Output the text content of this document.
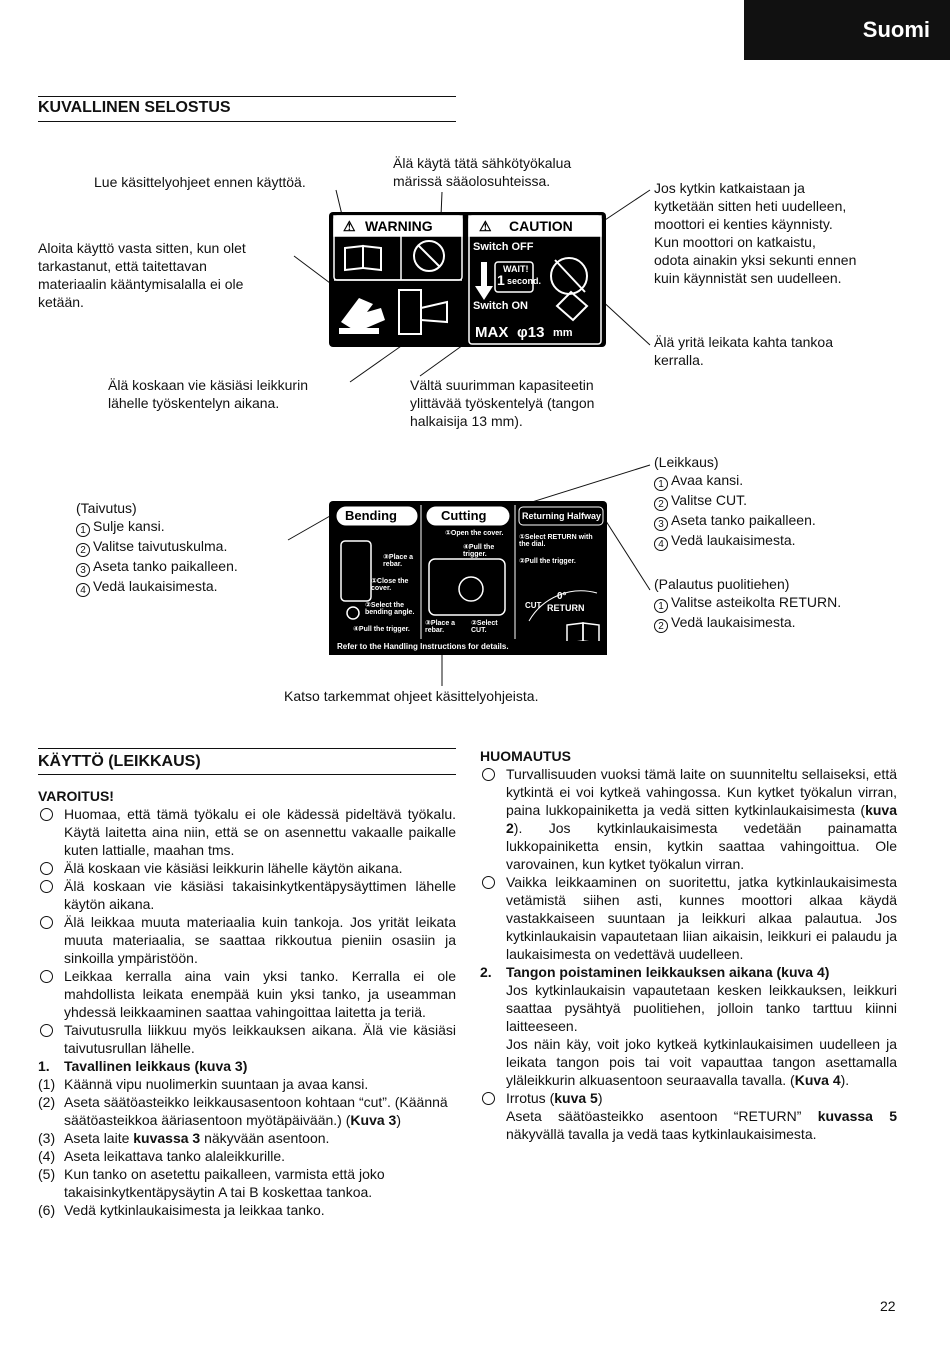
Suomi
KUVALLINEN SELOSTUS
Lue käsittelyohjeet ennen käyttöä.
Älä käytä tätä sähkötyökalua
märissä sääolosuhteissa.
Aloita käyttö vasta sitten, kun olet
tarkastanut, että taitettavan
materiaalin kääntymisalalla ei ole
ketään.
Jos kytkin katkaistaan ja
kytketään sitten heti uudelleen,
moottori ei kenties käynnisty.
Kun moottori on katkaistu,
odota ainakin yksi sekunti ennen
kuin käynnistät sen uudelleen.
Älä yritä leikata kahta tankoa
kerralla.
Älä koskaan vie käsiäsi leikkurin
lähelle työskentelyn aikana.
Vältä suurimman kapasiteetin
ylittävää työskentelyä (tangon
halkaisija 13 mm).
⚠	⚠
WARNING	CAUTION
Switch OFF
WAIT!
1 second.
Switch ON
MAX φ13 mm
(Taivutus)
1 Sulje kansi.
2 Valitse taivutuskulma.
3 Aseta tanko paikalleen.
4 Vedä laukaisimesta.
(Leikkaus)
1 Avaa kansi.
2 Valitse CUT.
3 Aseta tanko paikalleen.
4 Vedä laukaisimesta.
(Palautus puolitiehen)
1 Valitse asteikolta RETURN.
2 Vedä laukaisimesta.
Bending	Cutting	Returning Halfway
③Place a rebar.
①Close the cover.
②Select the bending angle.
④Pull the trigger.
①Open the cover.
④Pull the trigger.
③Place a rebar.
②Select CUT.
①Select RETURN with the dial.
②Pull the trigger.
0°
RETURN
CUT
Refer to the Handling Instructions for details.
Katso tarkemmat ohjeet käsittelyohjeista.
KÄYTTÖ (LEIKKAUS)
VAROITUS!
Huomaa, että tämä työkalu ei ole kädessä pideltävä työkalu. Käytä laitetta aina niin, että se on asennettu vakaalle paikalle kuten lattialle, maahan tms.
Älä koskaan vie käsiäsi leikkurin lähelle käytön aikana.
Älä koskaan vie käsiäsi takaisinkytkentäpysäyttimen lähelle käytön aikana.
Älä leikkaa muuta materiaalia kuin tankoja. Jos yrität leikata muuta materiaalia, se saattaa rikkoutua pieniin osasiin ja sinkoilla ympäristöön.
Leikkaa kerralla aina vain yksi tanko. Kerralla ei ole mahdollista leikata enempää kuin yksi tanko, ja useamman yhdessä leikkaaminen saattaa vahingoittaa laitetta ja teriä.
Taivutusrulla liikkuu myös leikkauksen aikana. Älä vie käsiäsi taivutusrullan lähelle.
1. Tavallinen leikkaus (kuva 3)
(1) Käännä vipu nuolimerkin suuntaan ja avaa kansi.
(2) Aseta säätöasteikko leikkausasentoon kohtaan “cut”. (Käännä säätöasteikkoa ääriasentoon myötäpäivään.) (Kuva 3)
(3) Aseta laite kuvassa 3 näkyvään asentoon.
(4) Aseta leikattava tanko alaleikkurille.
(5) Kun tanko on asetettu paikalleen, varmista että joko takaisinkytkentäpysäytin A tai B koskettaa tankoa.
(6) Vedä kytkinlaukaisimesta ja leikkaa tanko.
HUOMAUTUS
Turvallisuuden vuoksi tämä laite on suunniteltu sellaiseksi, että kytkintä ei voi kytkeä vahingossa. Kun kytket työkalun virran, paina lukkopainiketta ja vedä sitten kytkinlaukaisimesta (kuva 2). Jos kytkinlaukaisimesta vedetään painamatta lukkopainiketta ensin, kytkin saattaa vahingoittua. Ole varovainen, kun kytket työkalun virran.
Vaikka leikkaaminen on suoritettu, jatka kytkinlaukaisimesta vetämistä siihen asti, kunnes moottori alkaa käydä vastakkaiseen suuntaan ja leikkuri alkaa palautua. Jos kytkinlaukaisin vapautetaan liian aikaisin, leikkuri ei palaudu ja laukaisimesta on vedettävä uudelleen.
2. Tangon poistaminen leikkauksen aikana (kuva 4)
Jos kytkinlaukaisin vapautetaan kesken leikkauksen, leikkuri saattaa pysähtyä puolitiehen, jolloin tanko tarttuu kiinni laitteeseen.
Jos näin käy, voit joko kytkeä kytkinlaukaisimen uudelleen ja leikata tangon pois tai voit vapauttaa tangon asettamalla yläleikkurin alkuasentoon seuraavalla tavalla. (Kuva 4).
Irrotus (kuva 5)
Aseta säätöasteikko asentoon “RETURN” kuvassa 5 näkyvällä tavalla ja vedä taas kytkinlaukaisimesta.
22
